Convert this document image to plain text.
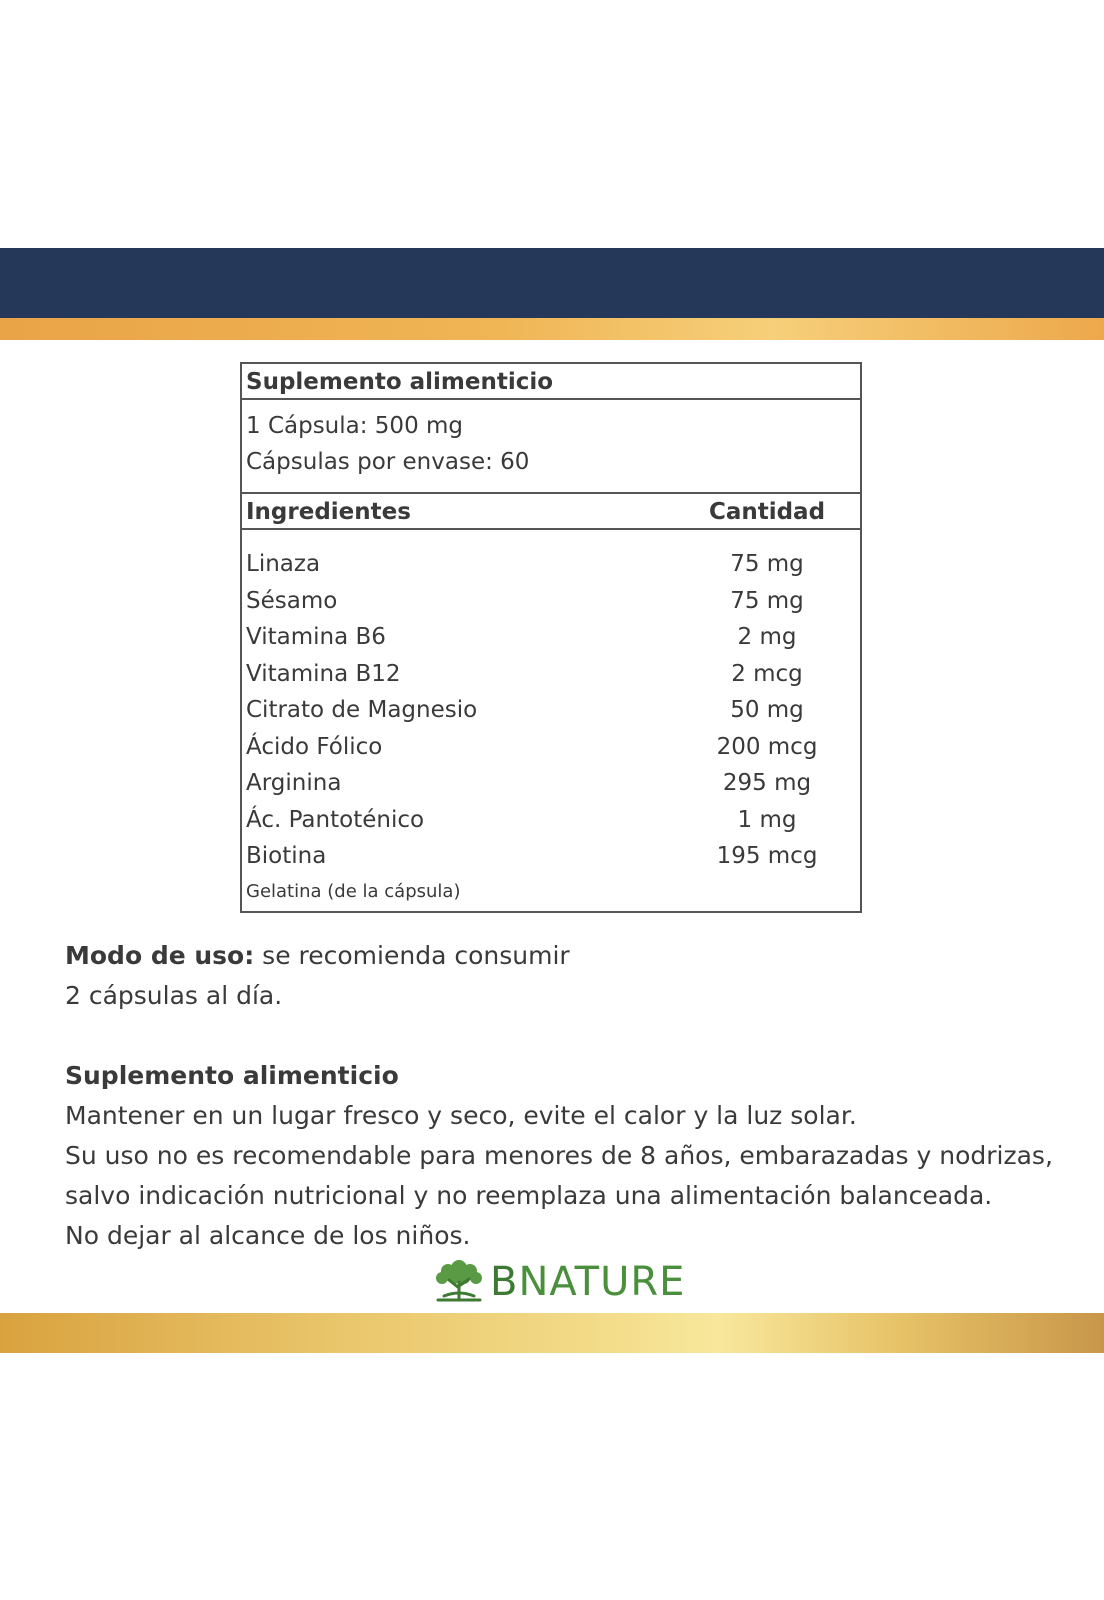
Suplemento alimenticio
1 Cápsula: 500 mg
Cápsulas por envase: 60
Ingredientes	Cantidad
Linaza	75 mg
Sésamo	75 mg
Vitamina B6	2 mg
Vitamina B12	2 mcg
Citrato de Magnesio	50 mg
Ácido Fólico	200 mcg
Arginina	295 mg
Ác. Pantoténico	1 mg
Biotina	195 mcg
Gelatina (de la cápsula)
Modo de uso: se recomienda consumir
2 cápsulas al día.
Suplemento alimenticio
Mantener en un lugar fresco y seco, evite el calor y la luz solar.
Su uso no es recomendable para menores de 8 años, embarazadas y nodrizas,
salvo indicación nutricional y no reemplaza una alimentación balanceada.
No dejar al alcance de los niños.
BNATURE
